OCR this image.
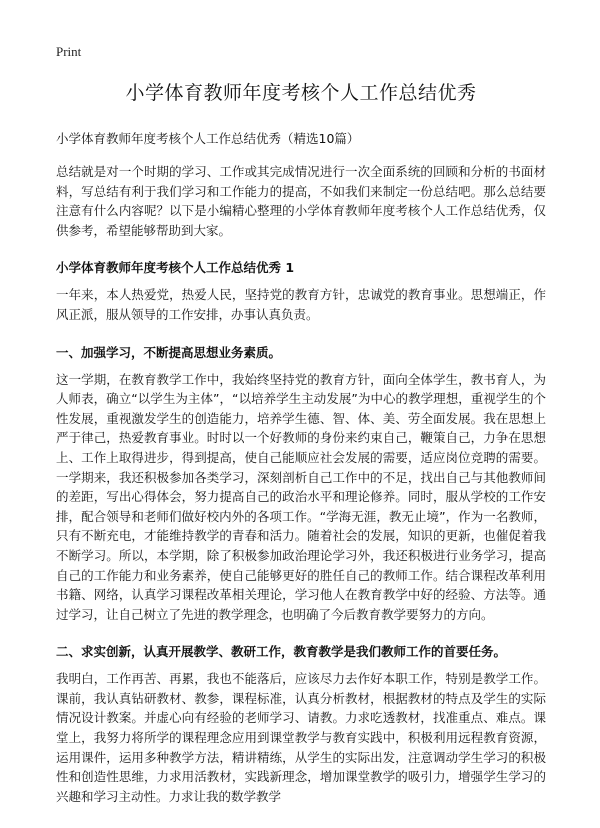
Print
小学体育教师年度考核个人工作总结优秀

小学体育教师年度考核个人工作总结优秀（精选10篇）

总结就是对一个时期的学习、工作或其完成情况进行一次全面系统的回顾和分析的书面材料，写总结有利于我们学习和工作能力的提高，不如我们来制定一份总结吧。那么总结要注意有什么内容呢？以下是小编精心整理的小学体育教师年度考核个人工作总结优秀，仅供参考，希望能够帮助到大家。

小学体育教师年度考核个人工作总结优秀 1

一年来，本人热爱党，热爱人民，坚持党的教育方针，忠诚党的教育事业。思想端正，作风正派，服从领导的工作安排，办事认真负责。

一、加强学习，不断提高思想业务素质。

这一学期，在教育教学工作中，我始终坚持党的教育方针，面向全体学生，教书育人，为人师表，确立“以学生为主体”，“以培养学生主动发展”为中心的教学理想，重视学生的个性发展，重视激发学生的创造能力，培养学生德、智、体、美、劳全面发展。我在思想上严于律己，热爱教育事业。时时以一个好教师的身份来约束自己，鞭策自己，力争在思想上、工作上取得进步，得到提高，使自己能顺应社会发展的需要，适应岗位竞聘的需要。一学期来，我还积极参加各类学习，深刻剖析自己工作中的不足，找出自己与其他教师间的差距，写出心得体会，努力提高自己的政治水平和理论修养。同时，服从学校的工作安排，配合领导和老师们做好校内外的各项工作。“学海无涯，教无止境”，作为一名教师，只有不断充电，才能维持教学的青春和活力。随着社会的发展，知识的更新，也催促着我不断学习。所以，本学期，除了积极参加政治理论学习外，我还积极进行业务学习，提高自己的工作能力和业务素养，使自己能够更好的胜任自己的教师工作。结合课程改革利用书籍、网络，认真学习课程改革相关理论，学习他人在教育教学中好的经验、方法等。通过学习，让自己树立了先进的教学理念，也明确了今后教育教学要努力的方向。

二、求实创新，认真开展教学、教研工作，教育教学是我们教师工作的首要任务。

我明白，工作再苦、再累，我也不能落后，应该尽力去作好本职工作，特别是教学工作。课前，我认真钻研教材、教参，课程标准，认真分析教材，根据教材的特点及学生的实际情况设计教案。并虚心向有经验的老师学习、请教。力求吃透教材，找准重点、难点。课堂上，我努力将所学的课程理念应用到课堂教学与教育实践中，积极利用远程教育资源，运用课件，运用多种教学方法，精讲精练，从学生的实际出发，注意调动学生学习的积极性和创造性思维，力求用活教材，实践新理念，增加课堂教学的吸引力，增强学生学习的兴趣和学习主动性。力求让我的数学教学
